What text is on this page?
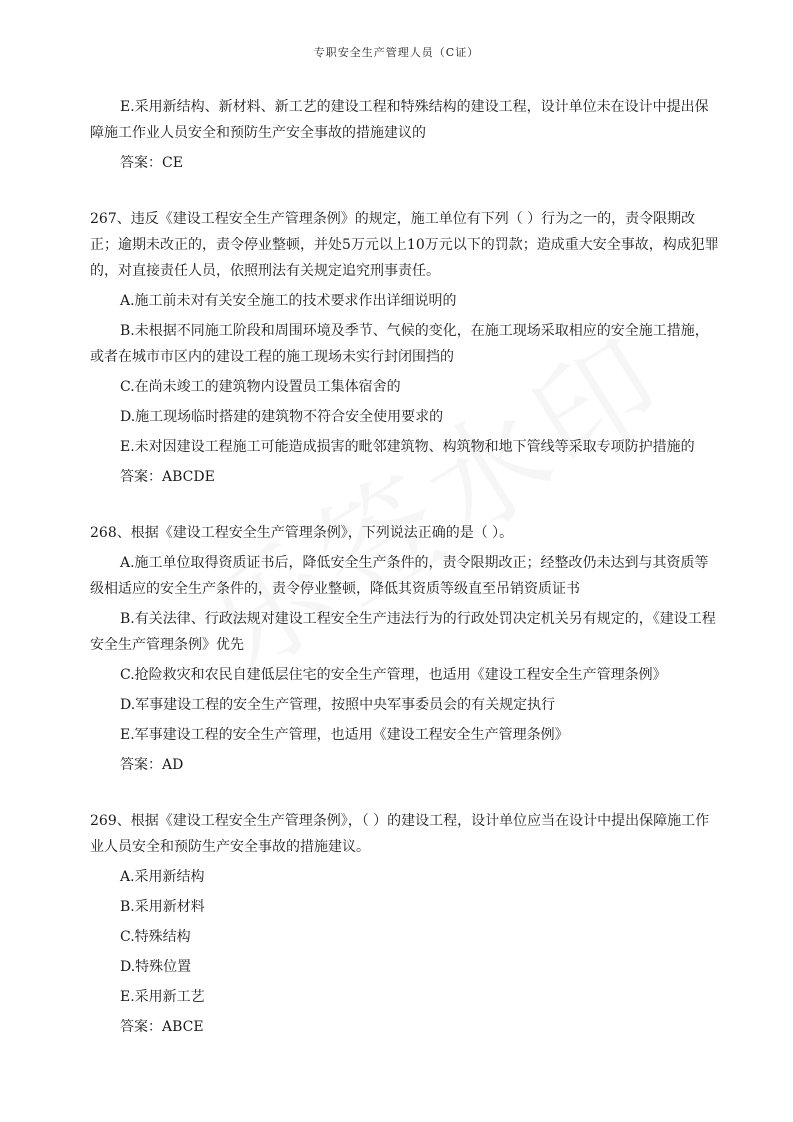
专职安全生产管理人员（C证）

E.采用新结构、新材料、新工艺的建设工程和特殊结构的建设工程，设计单位未在设计中提出保障施工作业人员安全和预防生产安全事故的措施建议的

答案：CE

267、违反《建设工程安全生产管理条例》的规定，施工单位有下列（ ）行为之一的，责令限期改正；逾期未改正的，责令停业整顿，并处5万元以上10万元以下的罚款；造成重大安全事故，构成犯罪的，对直接责任人员，依照刑法有关规定追究刑事责任。

A.施工前未对有关安全施工的技术要求作出详细说明的

B.未根据不同施工阶段和周围环境及季节、气候的变化，在施工现场采取相应的安全施工措施，或者在城市市区内的建设工程的施工现场未实行封闭围挡的

C.在尚未竣工的建筑物内设置员工集体宿舍的

D.施工现场临时搭建的建筑物不符合安全使用要求的

E.未对因建设工程施工可能造成损害的毗邻建筑物、构筑物和地下管线等采取专项防护措施的

答案：ABCDE

268、根据《建设工程安全生产管理条例》，下列说法正确的是（ ）。

A.施工单位取得资质证书后，降低安全生产条件的，责令限期改正；经整改仍未达到与其资质等级相适应的安全生产条件的，责令停业整顿，降低其资质等级直至吊销资质证书

B.有关法律、行政法规对建设工程安全生产违法行为的行政处罚决定机关另有规定的，《建设工程安全生产管理条例》优先

C.抢险救灾和农民自建低层住宅的安全生产管理，也适用《建设工程安全生产管理条例》

D.军事建设工程的安全生产管理，按照中央军事委员会的有关规定执行

E.军事建设工程的安全生产管理，也适用《建设工程安全生产管理条例》

答案：AD

269、根据《建设工程安全生产管理条例》，（ ）的建设工程，设计单位应当在设计中提出保障施工作业人员安全和预防生产安全事故的措施建议。

A.采用新结构

B.采用新材料

C.特殊结构

D.特殊位置

E.采用新工艺

答案：ABCE
